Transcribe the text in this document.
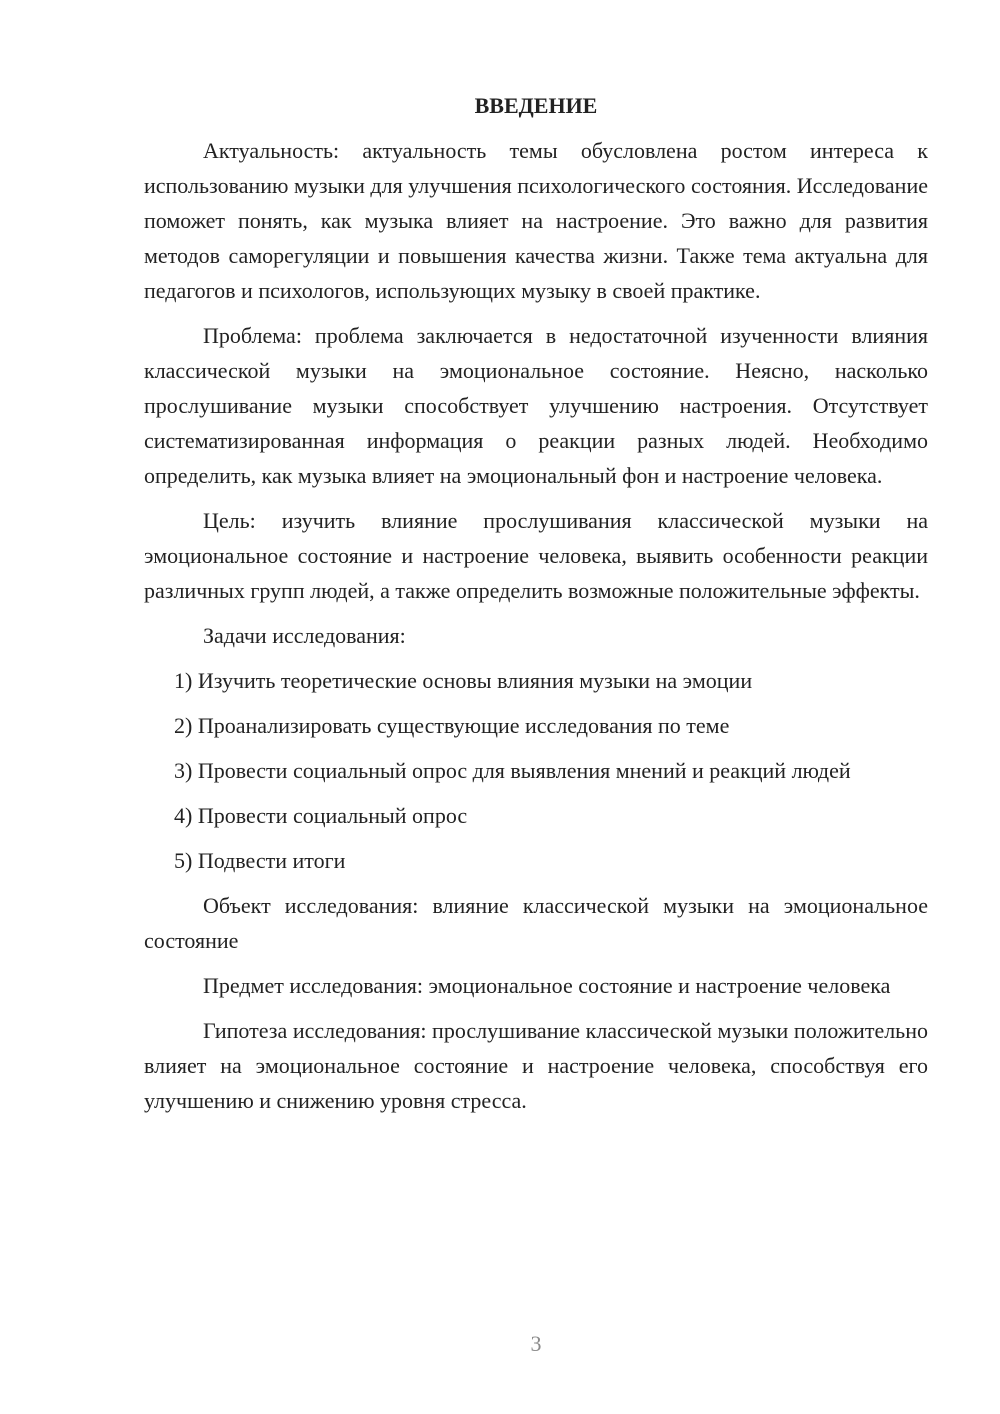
ВВЕДЕНИЕ

Актуальность: актуальность темы обусловлена ростом интереса к использованию музыки для улучшения психологического состояния. Исследование поможет понять, как музыка влияет на настроение. Это важно для развития методов саморегуляции и повышения качества жизни. Также тема актуальна для педагогов и психологов, использующих музыку в своей практике.

Проблема: проблема заключается в недостаточной изученности влияния классической музыки на эмоциональное состояние. Неясно, насколько прослушивание музыки способствует улучшению настроения. Отсутствует систематизированная информация о реакции разных людей. Необходимо определить, как музыка влияет на эмоциональный фон и настроение человека.

Цель: изучить влияние прослушивания классической музыки на эмоциональное состояние и настроение человека, выявить особенности реакции различных групп людей, а также определить возможные положительные эффекты.

Задачи исследования:

1) Изучить теоретические основы влияния музыки на эмоции

2) Проанализировать существующие исследования по теме

3) Провести социальный опрос для выявления мнений и реакций людей

4) Провести социальный опрос

5) Подвести итоги

Объект исследования: влияние классической музыки на эмоциональное состояние

Предмет исследования: эмоциональное состояние и настроение человека

Гипотеза исследования: прослушивание классической музыки положительно влияет на эмоциональное состояние и настроение человека, способствуя его улучшению и снижению уровня стресса.

3
